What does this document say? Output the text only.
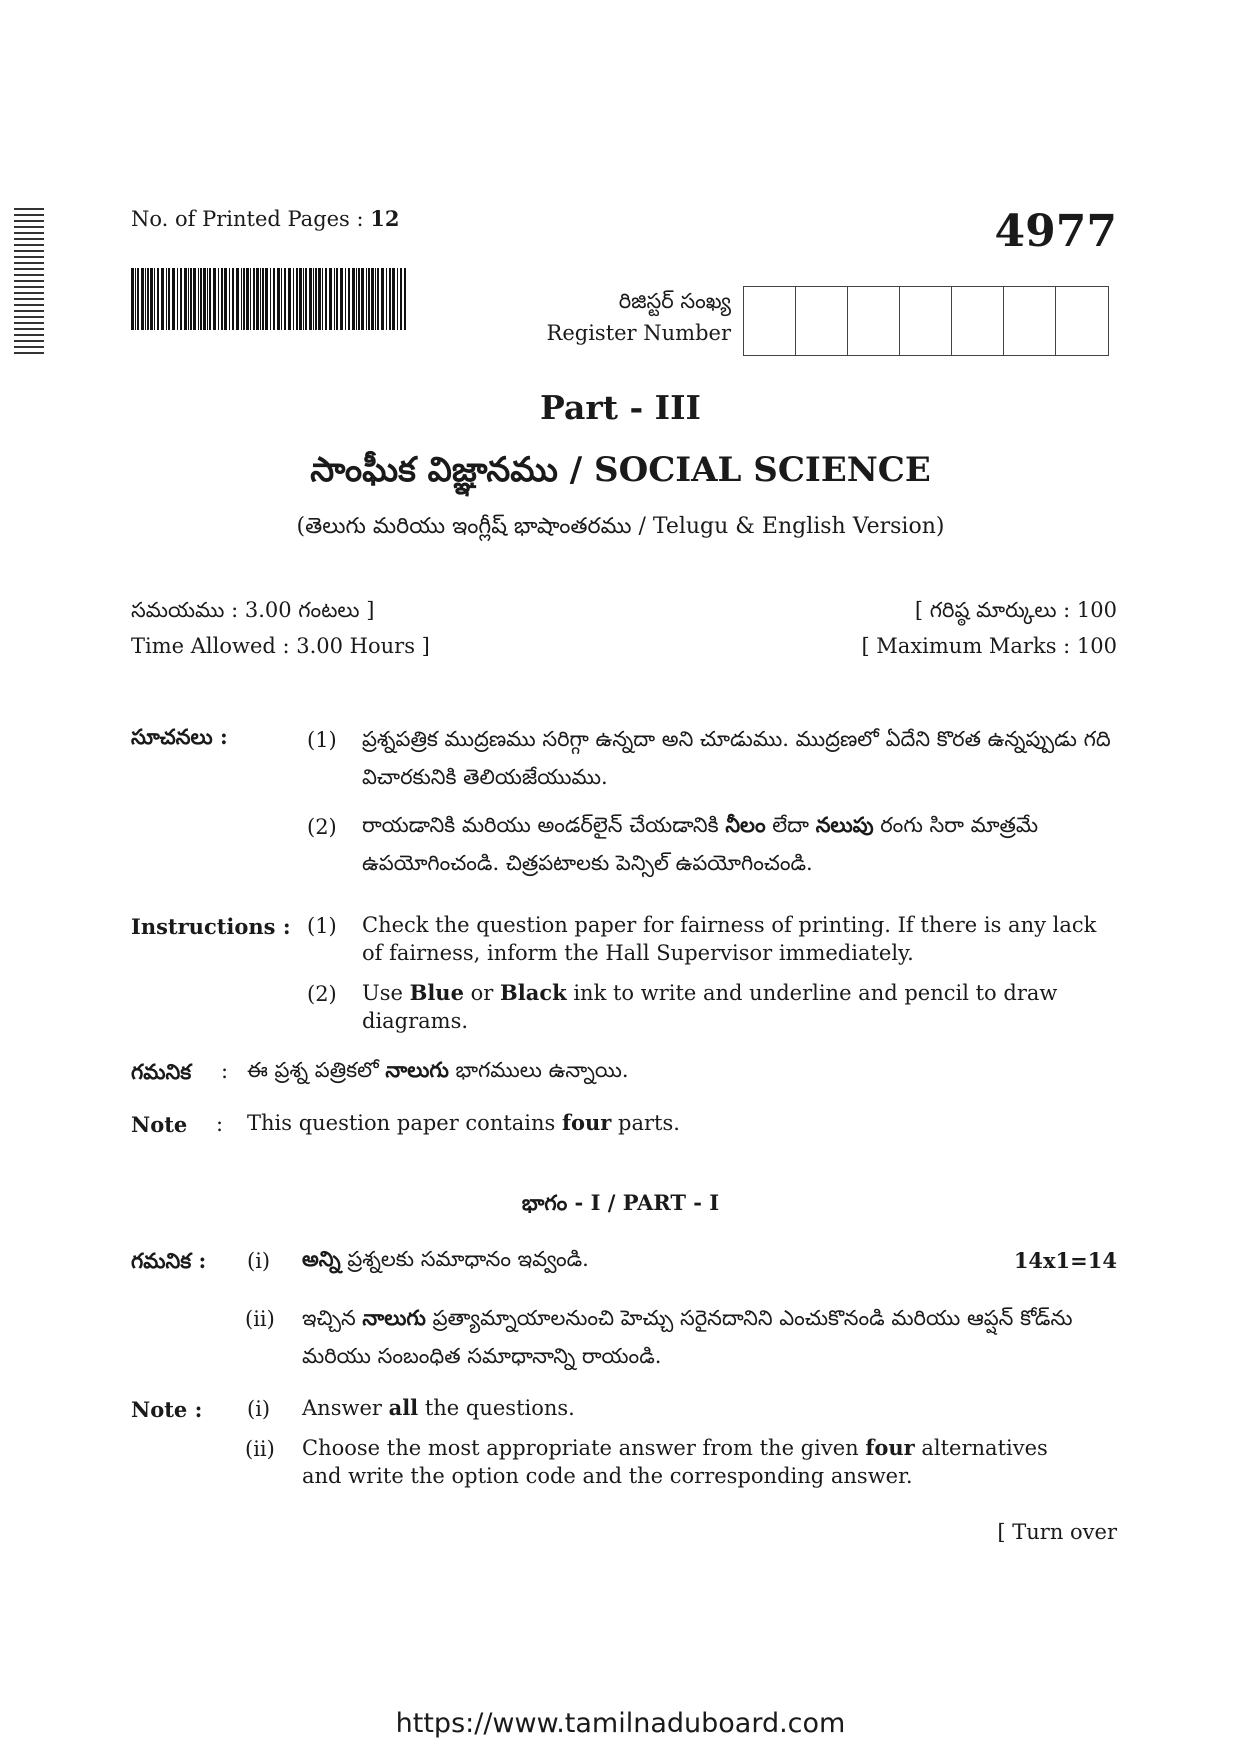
No. of Printed Pages : 12	4977
రిజిస్టర్ సంఖ్య
Register Number
Part - III
సాంఘీక విజ్ఞానము / SOCIAL SCIENCE
(తెలుగు మరియు ఇంగ్లీష్ భాషాంతరము / Telugu & English Version)
సమయము : 3.00 గంటలు ]
Time Allowed : 3.00 Hours ]
[ గరిష్ఠ మార్కులు : 100
[ Maximum Marks : 100
సూచనలు :	(1) ప్రశ్నపత్రిక ముద్రణము సరిగ్గా ఉన్నదా అని చూడుము. ముద్రణలో ఏదేని కొరత ఉన్నప్పుడు గది విచారకునికి తెలియజేయుము.
(2) రాయడానికి మరియు అండర్‌లైన్ చేయడానికి నీలం లేదా నలుపు రంగు సిరా మాత్రమే ఉపయోగించండి. చిత్రపటాలకు పెన్సిల్ ఉపయోగించండి.
Instructions : (1) Check the question paper for fairness of printing. If there is any lack of fairness, inform the Hall Supervisor immediately.
(2) Use Blue or Black ink to write and underline and pencil to draw diagrams.
గమనిక : ఈ ప్రశ్న పత్రికలో నాలుగు భాగములు ఉన్నాయి.
Note : This question paper contains four parts.
భాగం - I / PART - I
14x1=14
గమనిక : (i) అన్ని ప్రశ్నలకు సమాధానం ఇవ్వండి.
(ii) ఇచ్చిన నాలుగు ప్రత్యామ్నాయాలనుంచి హెచ్చు సరైనదానిని ఎంచుకొనండి మరియు ఆప్షన్ కోడ్‌ను మరియు సంబంధిత సమాధానాన్ని రాయండి.
Note : (i) Answer all the questions.
(ii) Choose the most appropriate answer from the given four alternatives and write the option code and the corresponding answer.
[ Turn over
https://www.tamilnaduboard.com
